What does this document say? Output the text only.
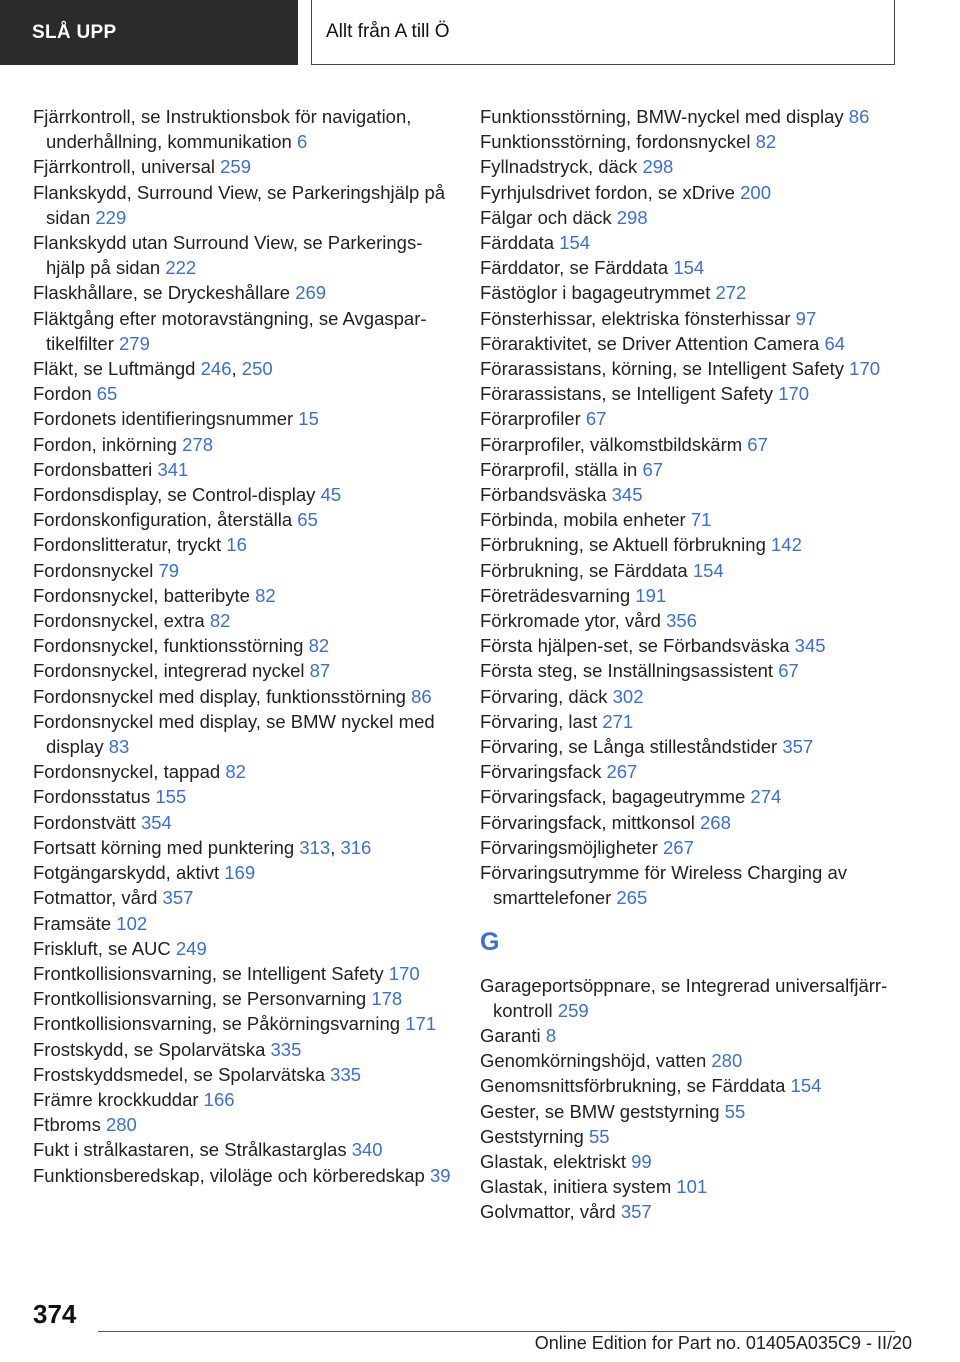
SLÅ UPP	Allt från A till Ö
Fjärrkontroll, se Instruktionsbok för navigation, underhållning, kommunikation 6
Fjärrkontroll, universal 259
Flankskydd, Surround View, se Parkeringshjälp på sidan 229
Flankskydd utan Surround View, se Parkeringshjälp på sidan 222
Flaskhållare, se Dryckeshållare 269
Fläktgång efter motoravstängning, se Avgaspartikelfilter 279
Fläkt, se Luftmängd 246, 250
Fordon 65
Fordonets identifieringsnummer 15
Fordon, inkörning 278
Fordonsbatteri 341
Fordonsdisplay, se Control-display 45
Fordonskonfiguration, återställa 65
Fordonslitteratur, tryckt 16
Fordonsnyckel 79
Fordonsnyckel, batteribyte 82
Fordonsnyckel, extra 82
Fordonsnyckel, funktionsstörning 82
Fordonsnyckel, integrerad nyckel 87
Fordonsnyckel med display, funktionsstörning 86
Fordonsnyckel med display, se BMW nyckel med display 83
Fordonsnyckel, tappad 82
Fordonsstatus 155
Fordonstvätt 354
Fortsatt körning med punktering 313, 316
Fotgängarskydd, aktivt 169
Fotmattor, vård 357
Framsäte 102
Friskluft, se AUC 249
Frontkollisionsvarning, se Intelligent Safety 170
Frontkollisionsvarning, se Personvarning 178
Frontkollisionsvarning, se Påkörningsvarning 171
Frostskydd, se Spolarvätska 335
Frostskyddsmedel, se Spolarvätska 335
Främre krockkuddar 166
Ftbroms 280
Fukt i strålkastaren, se Strålkastarglas 340
Funktionsberedskap, viloläge och körberedskap 39
Funktionsstörning, BMW-nyckel med display 86
Funktionsstörning, fordonsnyckel 82
Fyllnadstryck, däck 298
Fyrhjulsdrivet fordon, se xDrive 200
Fälgar och däck 298
Färddata 154
Färddator, se Färddata 154
Fästöglor i bagageutrymmet 272
Fönsterhissar, elektriska fönsterhissar 97
Föraraktivitet, se Driver Attention Camera 64
Förarassistans, körning, se Intelligent Safety 170
Förarassistans, se Intelligent Safety 170
Förarprofiler 67
Förarprofiler, välkomstbildskärm 67
Förarprofil, ställa in 67
Förbandsväska 345
Förbinda, mobila enheter 71
Förbrukning, se Aktuell förbrukning 142
Förbrukning, se Färddata 154
Företrädesvarning 191
Förkromade ytor, vård 356
Första hjälpen-set, se Förbandsväska 345
Första steg, se Inställningsassistent 67
Förvaring, däck 302
Förvaring, last 271
Förvaring, se Långa stilleståndstider 357
Förvaringsfack 267
Förvaringsfack, bagageutrymme 274
Förvaringsfack, mittkonsol 268
Förvaringsmöjligheter 267
Förvaringsutrymme för Wireless Charging av smarttelefoner 265
G
Garageportsöppnare, se Integrerad universalfjärrkontroll 259
Garanti 8
Genomkörningshöjd, vatten 280
Genomsnittsförbrukning, se Färddata 154
Gester, se BMW geststyrning 55
Geststyrning 55
Glastak, elektriskt 99
Glastak, initiera system 101
Golvmattor, vård 357
374
Online Edition for Part no. 01405A035C9 - II/20
